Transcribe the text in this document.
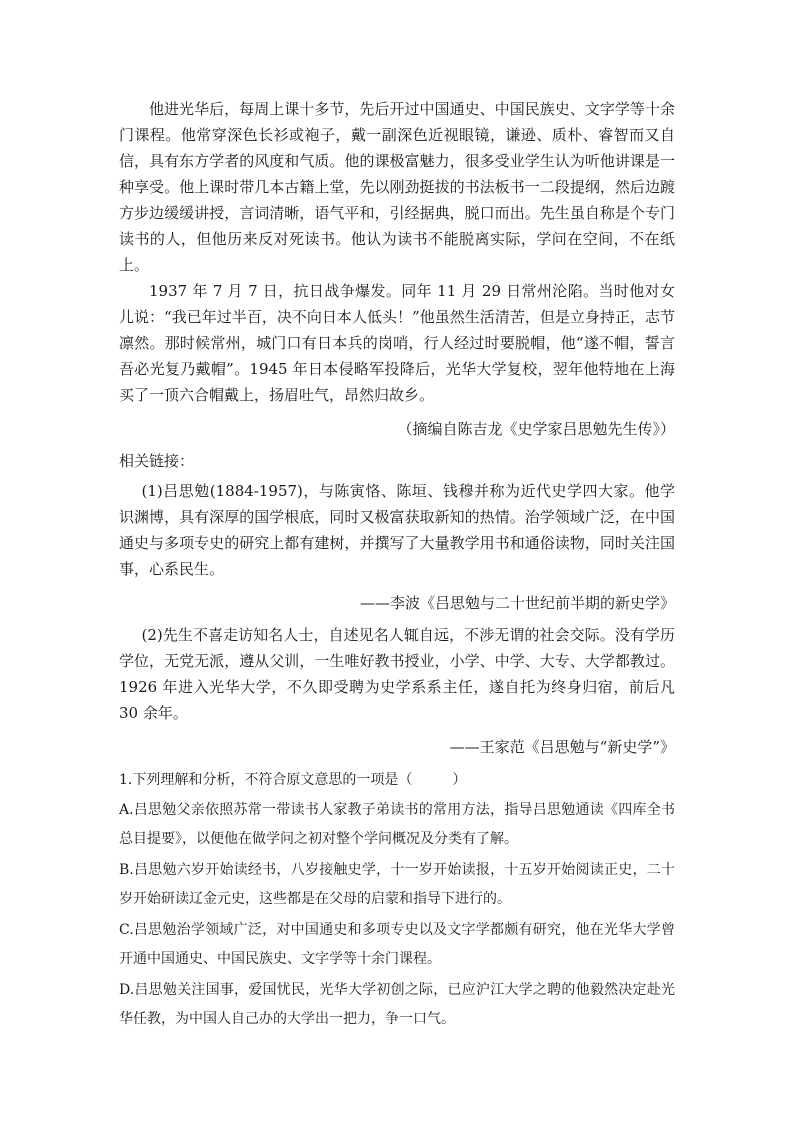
他进光华后，每周上课十多节，先后开过中国通史、中国民族史、文字学等十余门课程。他常穿深色长衫或袍子，戴一副深色近视眼镜，谦逊、质朴、睿智而又自信，具有东方学者的风度和气质。他的课极富魅力，很多受业学生认为听他讲课是一种享受。他上课时带几本古籍上堂，先以刚劲挺拔的书法板书一二段提纲，然后边踱方步边缓缓讲授，言词清晰，语气平和，引经据典，脱口而出。先生虽自称是个专门读书的人，但他历来反对死读书。他认为读书不能脱离实际，学问在空间，不在纸上。

1937 年 7 月 7 日，抗日战争爆发。同年 11 月 29 日常州沦陷。当时他对女儿说：“我已年过半百，决不向日本人低头！”他虽然生活清苦，但是立身持正，志节凛然。那时候常州，城门口有日本兵的岗哨，行人经过时要脱帽，他“遂不帽，誓言吾必光复乃戴帽”。1945 年日本侵略军投降后，光华大学复校，翌年他特地在上海买了一顶六合帽戴上，扬眉吐气，昂然归故乡。

（摘编自陈吉龙《史学家吕思勉先生传》）

相关链接：

(1)吕思勉(1884-1957)，与陈寅恪、陈垣、钱穆并称为近代史学四大家。他学识渊博，具有深厚的国学根底，同时又极富获取新知的热情。治学领域广泛，在中国通史与多项专史的研究上都有建树，并撰写了大量教学用书和通俗读物，同时关注国事，心系民生。

——李波《吕思勉与二十世纪前半期的新史学》

(2)先生不喜走访知名人士，自述见名人辄自远，不涉无谓的社会交际。没有学历学位，无党无派，遵从父训，一生唯好教书授业，小学、中学、大专、大学都教过。1926 年进入光华大学，不久即受聘为史学系系主任，遂自托为终身归宿，前后凡 30 余年。

——王家范《吕思勉与“新史学”》

1.下列理解和分析，不符合原文意思的一项是（	）

A.吕思勉父亲依照苏常一带读书人家教子弟读书的常用方法，指导吕思勉通读《四库全书总目提要》，以便他在做学问之初对整个学问概况及分类有了解。

B.吕思勉六岁开始读经书，八岁接触史学，十一岁开始读报，十五岁开始阅读正史，二十岁开始研读辽金元史，这些都是在父母的启蒙和指导下进行的。

C.吕思勉治学领域广泛，对中国通史和多项专史以及文字学都颇有研究，他在光华大学曾开通中国通史、中国民族史、文字学等十余门课程。

D.吕思勉关注国事，爱国忧民，光华大学初创之际，已应沪江大学之聘的他毅然决定赴光华任教，为中国人自己办的大学出一把力，争一口气。
